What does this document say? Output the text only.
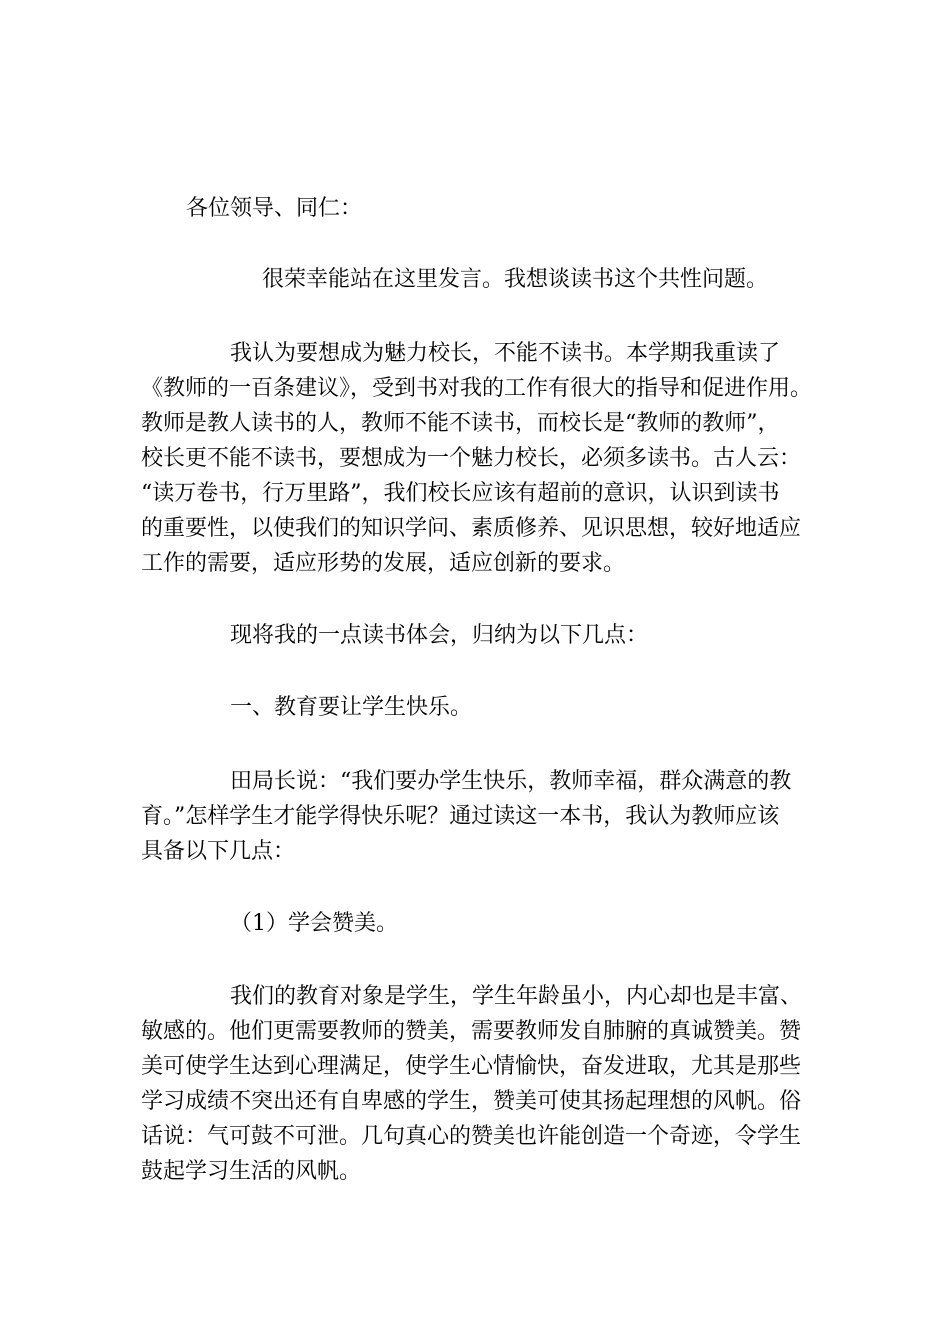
各位领导、同仁：
很荣幸能站在这里发言。我想谈读书这个共性问题。
我认为要想成为魅力校长，不能不读书。本学期我重读了
《教师的一百条建议》，受到书对我的工作有很大的指导和促进作用。
教师是教人读书的人，教师不能不读书，而校长是“教师的教师”，
校长更不能不读书，要想成为一个魅力校长，必须多读书。古人云：
“读万卷书，行万里路”，我们校长应该有超前的意识，认识到读书
的重要性，以使我们的知识学问、素质修养、见识思想，较好地适应
工作的需要，适应形势的发展，适应创新的要求。
现将我的一点读书体会，归纳为以下几点：
一、教育要让学生快乐。
田局长说：“我们要办学生快乐，教师幸福，群众满意的教
育。”怎样学生才能学得快乐呢？通过读这一本书，我认为教师应该
具备以下几点：
（1）学会赞美。
我们的教育对象是学生，学生年龄虽小，内心却也是丰富、
敏感的。他们更需要教师的赞美，需要教师发自肺腑的真诚赞美。赞
美可使学生达到心理满足，使学生心情愉快，奋发进取，尤其是那些
学习成绩不突出还有自卑感的学生，赞美可使其扬起理想的风帆。俗
话说：气可鼓不可泄。几句真心的赞美也许能创造一个奇迹，令学生
鼓起学习生活的风帆。
